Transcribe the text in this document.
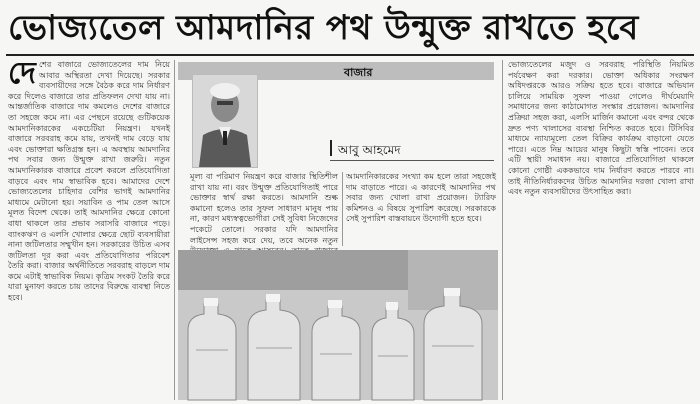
ভোজ্যতেল আমদানির পথ উন্মুক্ত রাখতে হবে
দে শের বাজারে ভোজ্যতেলের দাম নিয়ে আবার অস্থিরতা দেখা দিয়েছে। সরকার ব্যবসায়ীদের সঙ্গে বৈঠক করে দাম নির্ধারণ করে দিলেও বাজারে তার প্রতিফলন দেখা যায় না। আন্তর্জাতিক বাজারে দাম কমলেও দেশের বাজারে তা সহজে কমে না। এর পেছনে রয়েছে গুটিকয়েক আমদানিকারকের একচেটিয়া নিয়ন্ত্রণ। যখনই বাজারে সরবরাহ কমে যায়, তখনই দাম বেড়ে যায় এবং ভোক্তারা ক্ষতিগ্রস্ত হন। এ অবস্থায় আমদানির পথ সবার জন্য উন্মুক্ত রাখা জরুরি। নতুন আমদানিকারক বাজারে প্রবেশ করলে প্রতিযোগিতা বাড়বে এবং দাম স্বাভাবিক হবে। আমাদের দেশে ভোজ্যতেলের চাহিদার বেশির ভাগই আমদানির মাধ্যমে মেটানো হয়। সয়াবিন ও পাম তেল আসে মূলত বিদেশ থেকে। তাই আমদানির ক্ষেত্রে কোনো বাধা থাকলে তার প্রভাব সরাসরি বাজারে পড়ে। ব্যাংকঋণ ও এলসি খোলার ক্ষেত্রে ছোট ব্যবসায়ীরা নানা জটিলতার সম্মুখীন হন। সরকারের উচিত এসব জটিলতা দূর করা এবং প্রতিযোগিতার পরিবেশ তৈরি করা। বাজার অর্থনীতিতে সরবরাহ বাড়লে দাম কমে এটাই স্বাভাবিক নিয়ম। কৃত্রিম সংকট তৈরি করে যারা মুনাফা করতে চায় তাদের বিরুদ্ধে ব্যবস্থা নিতে হবে।

বাজার
আবু আহমেদ

মূল্য বা পরিমাণ নিয়ন্ত্রণ করে বাজার স্থিতিশীল রাখা যায় না। বরং উন্মুক্ত প্রতিযোগিতাই পারে ভোক্তার স্বার্থ রক্ষা করতে। আমদানি শুল্ক কমানো হলেও তার সুফল সাধারণ মানুষ পায় না, কারণ মধ্যস্বত্বভোগীরা সেই সুবিধা নিজেদের পকেটে তোলে। সরকার যদি আমদানির লাইসেন্স সহজ করে দেয়, তবে অনেক নতুন

আমদানিকারকের সংখ্যা কম হলে তারা সহজেই দাম বাড়াতে পারে। এ কারণেই আমদানির পথ সবার জন্য খোলা রাখা প্রয়োজন। ট্যারিফ কমিশনও এ বিষয়ে সুপারিশ করেছে। সরকারকে সেই সুপারিশ বাস্তবায়নে উদ্যোগী হতে হবে।

ভোজ্যতেলের মজুদ ও সরবরাহ পরিস্থিতি নিয়মিত পর্যবেক্ষণ করা দরকার। ভোক্তা অধিকার সংরক্ষণ অধিদপ্তরকে আরও সক্রিয় হতে হবে। বাজারে অভিযান চালিয়ে সাময়িক সুফল পাওয়া গেলেও দীর্ঘমেয়াদি সমাধানের জন্য কাঠামোগত সংস্কার প্রয়োজন। আমদানির প্রক্রিয়া সহজ করা, এলসি মার্জিন কমানো এবং বন্দর থেকে দ্রুত পণ্য খালাসের ব্যবস্থা নিশ্চিত করতে হবে। টিসিবির মাধ্যমে ন্যায্যমূল্যে তেল বিক্রির কার্যক্রম বাড়ানো যেতে পারে। এতে নিম্ন আয়ের মানুষ কিছুটা স্বস্তি পাবেন। তবে এটি স্থায়ী সমাধান নয়। বাজারে প্রতিযোগিতা থাকলে কোনো গোষ্ঠী এককভাবে দাম নির্ধারণ করতে পারবে না। তাই নীতিনির্ধারকদের উচিত আমদানির দরজা খোলা রাখা এবং নতুন ব্যবসায়ীদের উৎসাহিত করা।
